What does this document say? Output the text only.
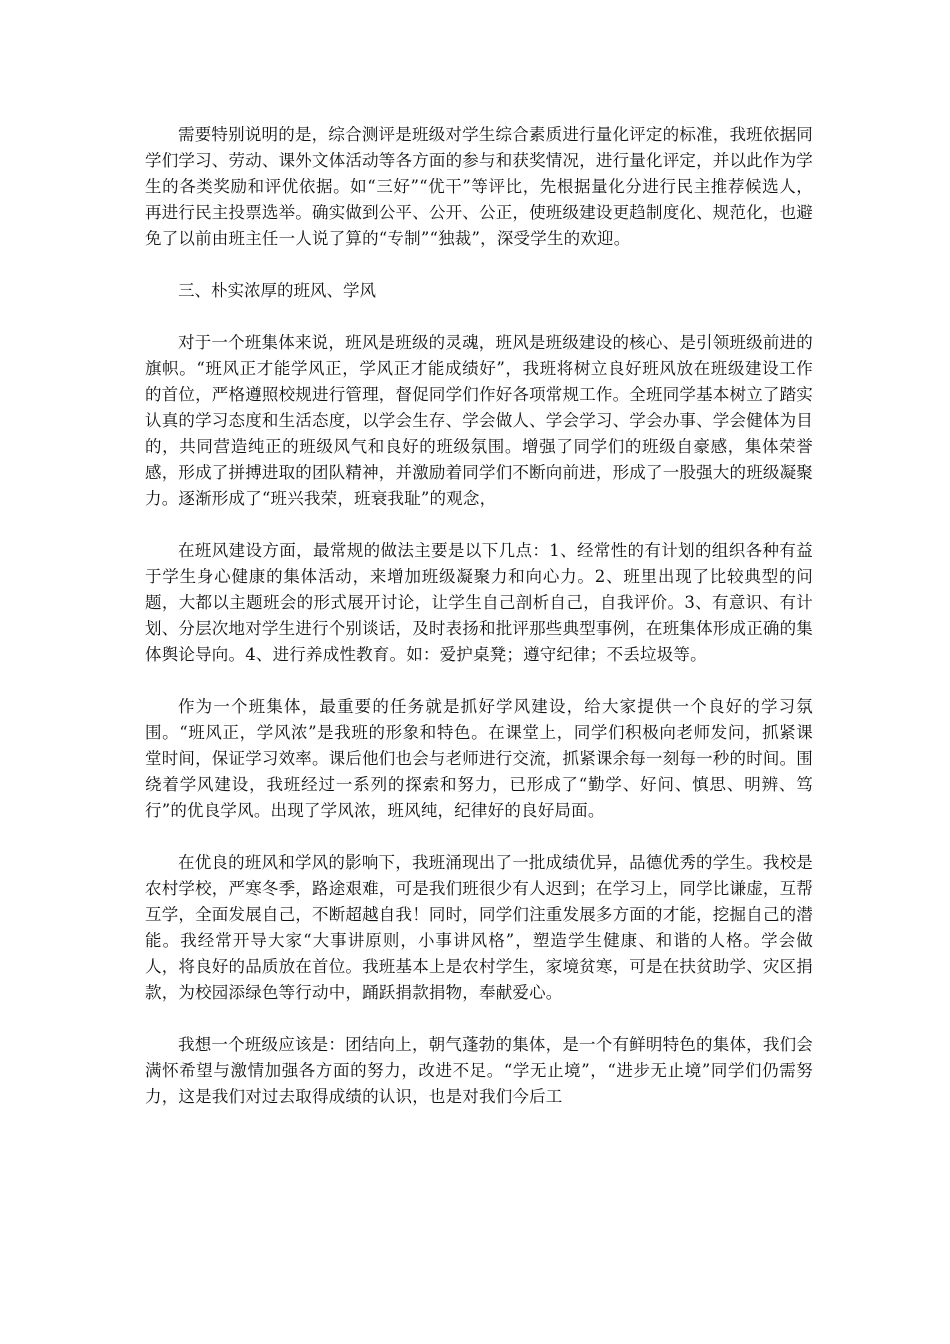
需要特别说明的是，综合测评是班级对学生综合素质进行量化评定的标准，我班依据同学们学习、劳动、课外文体活动等各方面的参与和获奖情况，进行量化评定，并以此作为学生的各类奖励和评优依据。如“三好”“优干”等评比，先根据量化分进行民主推荐候选人，再进行民主投票选举。确实做到公平、公开、公正，使班级建设更趋制度化、规范化，也避免了以前由班主任一人说了算的“专制”“独裁”，深受学生的欢迎。

三、朴实浓厚的班风、学风

对于一个班集体来说，班风是班级的灵魂，班风是班级建设的核心、是引领班级前进的旗帜。“班风正才能学风正，学风正才能成绩好”，我班将树立良好班风放在班级建设工作的首位，严格遵照校规进行管理，督促同学们作好各项常规工作。全班同学基本树立了踏实认真的学习态度和生活态度，以学会生存、学会做人、学会学习、学会办事、学会健体为目的，共同营造纯正的班级风气和良好的班级氛围。增强了同学们的班级自豪感，集体荣誉感，形成了拼搏进取的团队精神，并激励着同学们不断向前进，形成了一股强大的班级凝聚力。逐渐形成了“班兴我荣，班衰我耻”的观念，

在班风建设方面，最常规的做法主要是以下几点：1、经常性的有计划的组织各种有益于学生身心健康的集体活动，来增加班级凝聚力和向心力。2、班里出现了比较典型的问题，大都以主题班会的形式展开讨论，让学生自己剖析自己，自我评价。3、有意识、有计划、分层次地对学生进行个别谈话，及时表扬和批评那些典型事例，在班集体形成正确的集体舆论导向。4、进行养成性教育。如：爱护桌凳；遵守纪律；不丢垃圾等。

作为一个班集体，最重要的任务就是抓好学风建设，给大家提供一个良好的学习氛围。“班风正，学风浓”是我班的形象和特色。在课堂上，同学们积极向老师发问，抓紧课堂时间，保证学习效率。课后他们也会与老师进行交流，抓紧课余每一刻每一秒的时间。围绕着学风建设，我班经过一系列的探索和努力，已形成了“勤学、好问、慎思、明辨、笃行”的优良学风。出现了学风浓，班风纯，纪律好的良好局面。

在优良的班风和学风的影响下，我班涌现出了一批成绩优异，品德优秀的学生。我校是农村学校，严寒冬季，路途艰难，可是我们班很少有人迟到；在学习上，同学比谦虚，互帮互学，全面发展自己，不断超越自我！同时，同学们注重发展多方面的才能，挖掘自己的潜能。我经常开导大家“大事讲原则，小事讲风格”，塑造学生健康、和谐的人格。学会做人，将良好的品质放在首位。我班基本上是农村学生，家境贫寒，可是在扶贫助学、灾区捐款，为校园添绿色等行动中，踊跃捐款捐物，奉献爱心。

我想一个班级应该是：团结向上，朝气蓬勃的集体，是一个有鲜明特色的集体，我们会满怀希望与激情加强各方面的努力，改进不足。“学无止境”，“进步无止境”同学们仍需努力，这是我们对过去取得成绩的认识，也是对我们今后工
